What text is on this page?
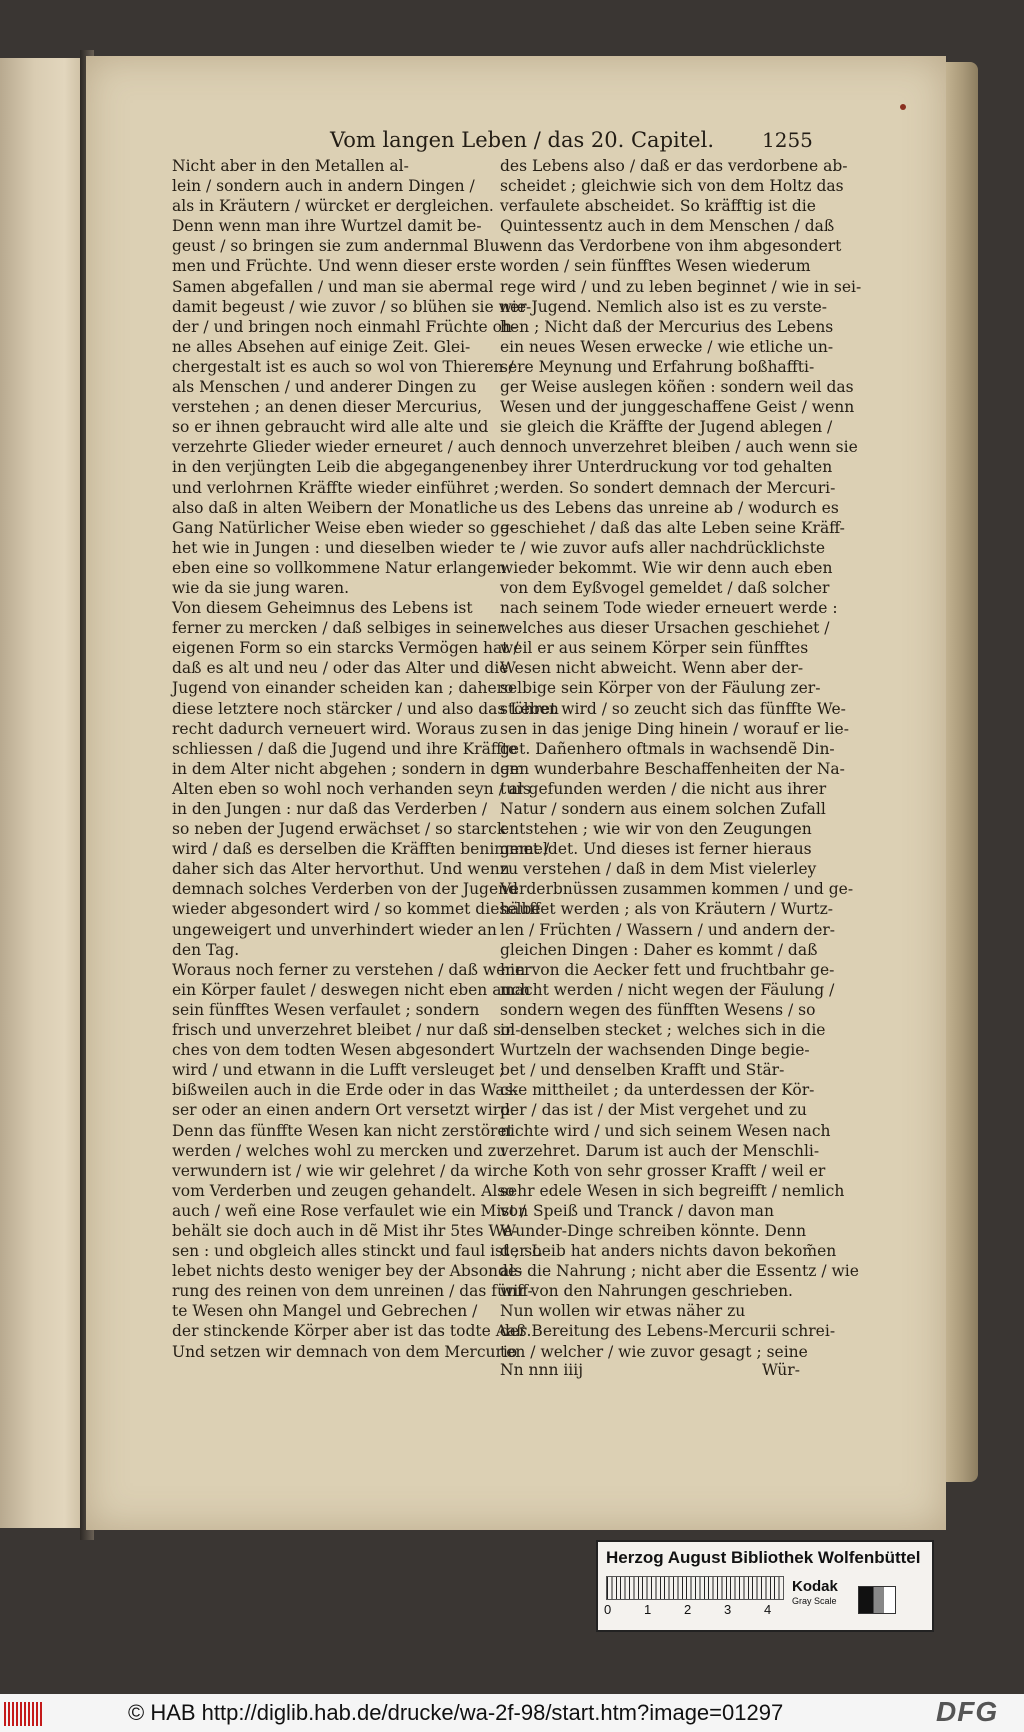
Vom langen Leben / das 20. Capitel. 1255
Nicht aber in den Metallen al-
lein / sondern auch in andern Dingen /
als in Kräutern / würcket er dergleichen.
Denn wenn man ihre Wurtzel damit be-
geust / so bringen sie zum andernmal Blu-
men und Früchte. Und wenn dieser erste
Samen abgefallen / und man sie abermal
damit begeust / wie zuvor / so blühen sie wie-
der / und bringen noch einmahl Früchte oh-
ne alles Absehen auf einige Zeit. Glei-
chergestalt ist es auch so wol von Thieren /
als Menschen / und anderer Dingen zu
verstehen ; an denen dieser Mercurius,
so er ihnen gebraucht wird alle alte und
verzehrte Glieder wieder erneuret / auch
in den verjüngten Leib die abgegangenen
und verlohrnen Kräffte wieder einführet ;
also daß in alten Weibern der Monatliche
Gang Natürlicher Weise eben wieder so ge-
het wie in Jungen : und dieselben wieder
eben eine so vollkommene Natur erlangen
wie da sie jung waren.
Von diesem Geheimnus des Lebens ist
ferner zu mercken / daß selbiges in seiner
eigenen Form so ein starcks Vermögen hat /
daß es alt und neu / oder das Alter und die
Jugend von einander scheiden kan ; dahero
diese letztere noch stärcker / und also das Leben
recht dadurch verneuert wird. Woraus zu
schliessen / daß die Jugend und ihre Kräffte
in dem Alter nicht abgehen ; sondern in dem
Alten eben so wohl noch verhanden seyn / als
in den Jungen : nur daß das Verderben /
so neben der Jugend erwächset / so starck
wird / daß es derselben die Kräfften benimmet /
daher sich das Alter hervorthut. Und wenn
demnach solches Verderben von der Jugend
wieder abgesondert wird / so kommet dieselbe
ungeweigert und unverhindert wieder an
den Tag.
Woraus noch ferner zu verstehen / daß wenn
ein Körper faulet / deswegen nicht eben auch
sein fünfftes Wesen verfaulet ; sondern
frisch und unverzehret bleibet / nur daß sol-
ches von dem todten Wesen abgesondert
wird / und etwann in die Lufft versleuget ;
bißweilen auch in die Erde oder in das Was-
ser oder an einen andern Ort versetzt wird.
Denn das fünffte Wesen kan nicht zerstöret
werden / welches wohl zu mercken und zu
verwundern ist / wie wir gelehret / da wir
vom Verderben und zeugen gehandelt. Also
auch / weñ eine Rose verfaulet wie ein Mist /
behält sie doch auch in dẽ Mist ihr 5tes We-
sen : und obgleich alles stinckt und faul ist ; so
lebet nichts desto weniger bey der Absonde-
rung des reinen von dem unreinen / das fünff-
te Wesen ohn Mangel und Gebrechen /
der stinckende Körper aber ist das todte Aaß.
Und setzen wir demnach von dem Mercurio
des Lebens also / daß er das verdorbene ab-
scheidet ; gleichwie sich von dem Holtz das
verfaulete abscheidet. So kräfftig ist die
Quintessentz auch in dem Menschen / daß
wenn das Verdorbene von ihm abgesondert
worden / sein fünfftes Wesen wiederum
rege wird / und zu leben beginnet / wie in sei-
ner Jugend. Nemlich also ist es zu verste-
hen ; Nicht daß der Mercurius des Lebens
ein neues Wesen erwecke / wie etliche un-
sere Meynung und Erfahrung boßhaffti-
ger Weise auslegen köñen : sondern weil das
Wesen und der junggeschaffene Geist / wenn
sie gleich die Kräffte der Jugend ablegen /
dennoch unverzehret bleiben / auch wenn sie
bey ihrer Unterdruckung vor tod gehalten
werden. So sondert demnach der Mercuri-
us des Lebens das unreine ab / wodurch es
geschiehet / daß das alte Leben seine Kräff-
te / wie zuvor aufs aller nachdrücklichste
wieder bekommt. Wie wir denn auch eben
von dem Eyßvogel gemeldet / daß solcher
nach seinem Tode wieder erneuert werde :
welches aus dieser Ursachen geschiehet /
weil er aus seinem Körper sein fünfftes
Wesen nicht abweicht. Wenn aber der-
selbige sein Körper von der Fäulung zer-
stöhret wird / so zeucht sich das fünffte We-
sen in das jenige Ding hinein / worauf er lie-
get. Dañenhero oftmals in wachsendẽ Din-
gen wunderbahre Beschaffenheiten der Na-
tur gefunden werden / die nicht aus ihrer
Natur / sondern aus einem solchen Zufall
entstehen ; wie wir von den Zeugungen
gemeldet. Und dieses ist ferner hieraus
zu verstehen / daß in dem Mist vielerley
Verderbnüssen zusammen kommen / und ge-
häuffet werden ; als von Kräutern / Wurtz-
len / Früchten / Wassern / und andern der-
gleichen Dingen : Daher es kommt / daß
hiervon die Aecker fett und fruchtbahr ge-
macht werden / nicht wegen der Fäulung /
sondern wegen des fünfften Wesens / so
in denselben stecket ; welches sich in die
Wurtzeln der wachsenden Dinge begie-
bet / und denselben Krafft und Stär-
cke mittheilet ; da unterdessen der Kör-
per / das ist / der Mist vergehet und zu
nichte wird / und sich seinem Wesen nach
verzehret. Darum ist auch der Menschli-
che Koth von sehr grosser Krafft / weil er
sehr edele Wesen in sich begreifft / nemlich
von Speiß und Tranck / davon man
Wunder-Dinge schreiben könnte. Denn
der Leib hat anders nichts davon bekom̃en
als die Nahrung ; nicht aber die Essentz / wie
wir von den Nahrungen geschrieben.
Nun wollen wir etwas näher zu
der Bereitung des Lebens-Mercurii schrei-
ten / welcher / wie zuvor gesagt ; seine
Nn nnn iiij	Wür-
Herzog August Bibliothek Wolfenbüttel
0	1	2	3	4
Kodak
Gray Scale
© HAB http://diglib.hab.de/drucke/wa-2f-98/start.htm?image=01297	DFG
